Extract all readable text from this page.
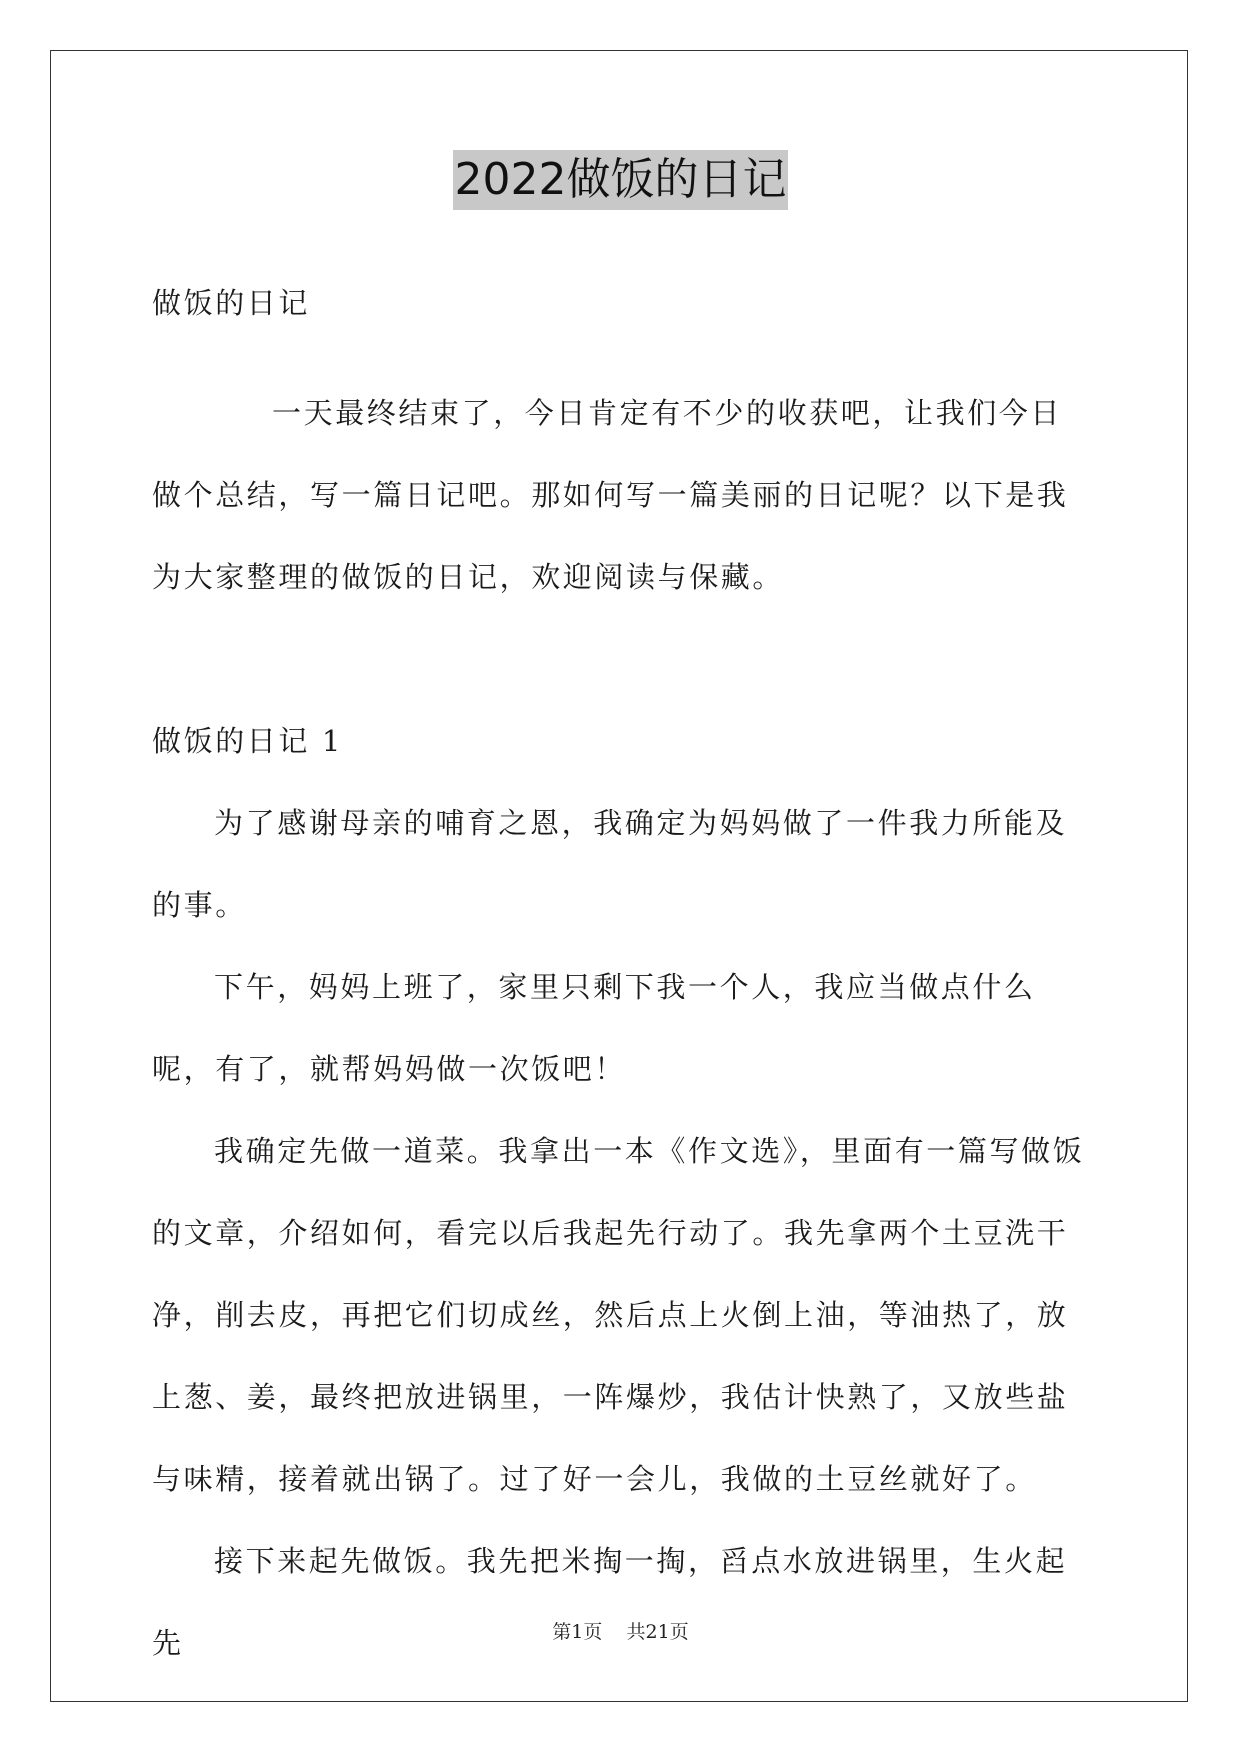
2022做饭的日记

做饭的日记

一天最终结束了，今日肯定有不少的收获吧，让我们今日做个总结，写一篇日记吧。那如何写一篇美丽的日记呢？以下是我为大家整理的做饭的日记，欢迎阅读与保藏。

做饭的日记 1

为了感谢母亲的哺育之恩，我确定为妈妈做了一件我力所能及的事。

下午，妈妈上班了，家里只剩下我一个人，我应当做点什么呢，有了，就帮妈妈做一次饭吧！

我确定先做一道菜。我拿出一本《作文选》，里面有一篇写做饭的文章，介绍如何，看完以后我起先行动了。我先拿两个土豆洗干净，削去皮，再把它们切成丝，然后点上火倒上油，等油热了，放上葱、姜，最终把放进锅里，一阵爆炒，我估计快熟了，又放些盐与味精，接着就出锅了。过了好一会儿，我做的土豆丝就好了。

接下来起先做饭。我先把米掏一掏，舀点水放进锅里，生火起先	第1页 共21页
